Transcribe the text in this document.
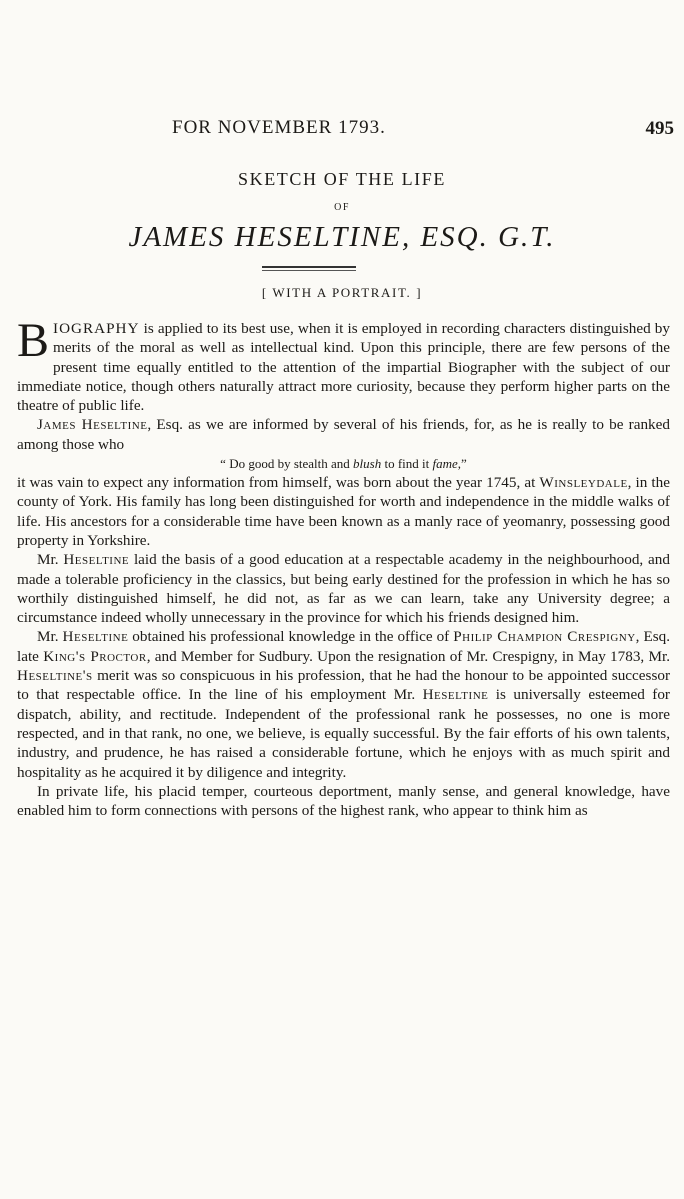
FOR NOVEMBER 1793.	495
SKETCH OF THE LIFE
OF
JAMES HESELTINE, ESQ. G.T.
[ WITH A PORTRAIT. ]

BIOGRAPHY is applied to its best use, when it is employed in recording characters distinguished by merits of the moral as well as intellectual kind. Upon this principle, there are few persons of the present time equally entitled to the attention of the impartial Biographer with the subject of our immediate notice, though others naturally attract more curiosity, because they perform higher parts on the theatre of public life.

James Heseltine, Esq. as we are informed by several of his friends, for, as he is really to be ranked among those who

“ Do good by stealth and blush to find it fame,”

it was vain to expect any information from himself, was born about the year 1745, at Winsleydale, in the county of York. His family has long been distinguished for worth and independence in the middle walks of life. His ancestors for a considerable time have been known as a manly race of yeomanry, possessing good property in Yorkshire.

Mr. Heseltine laid the basis of a good education at a respectable academy in the neighbourhood, and made a tolerable proficiency in the classics, but being early destined for the profession in which he has so worthily distinguished himself, he did not, as far as we can learn, take any University degree; a circumstance indeed wholly unnecessary in the province for which his friends designed him.

Mr. Heseltine obtained his professional knowledge in the office of Philip Champion Crespigny, Esq. late King's Proctor, and Member for Sudbury. Upon the resignation of Mr. Crespigny, in May 1783, Mr. Heseltine's merit was so conspicuous in his profession, that he had the honour to be appointed successor to that respectable office. In the line of his employment Mr. Heseltine is universally esteemed for dispatch, ability, and rectitude. Independent of the professional rank he possesses, no one is more respected, and in that rank, no one, we believe, is equally successful. By the fair efforts of his own talents, industry, and prudence, he has raised a considerable fortune, which he enjoys with as much spirit and hospitality as he acquired it by diligence and integrity.

In private life, his placid temper, courteous deportment, manly sense, and general knowledge, have enabled him to form connections with persons of the highest rank, who appear to think him as
